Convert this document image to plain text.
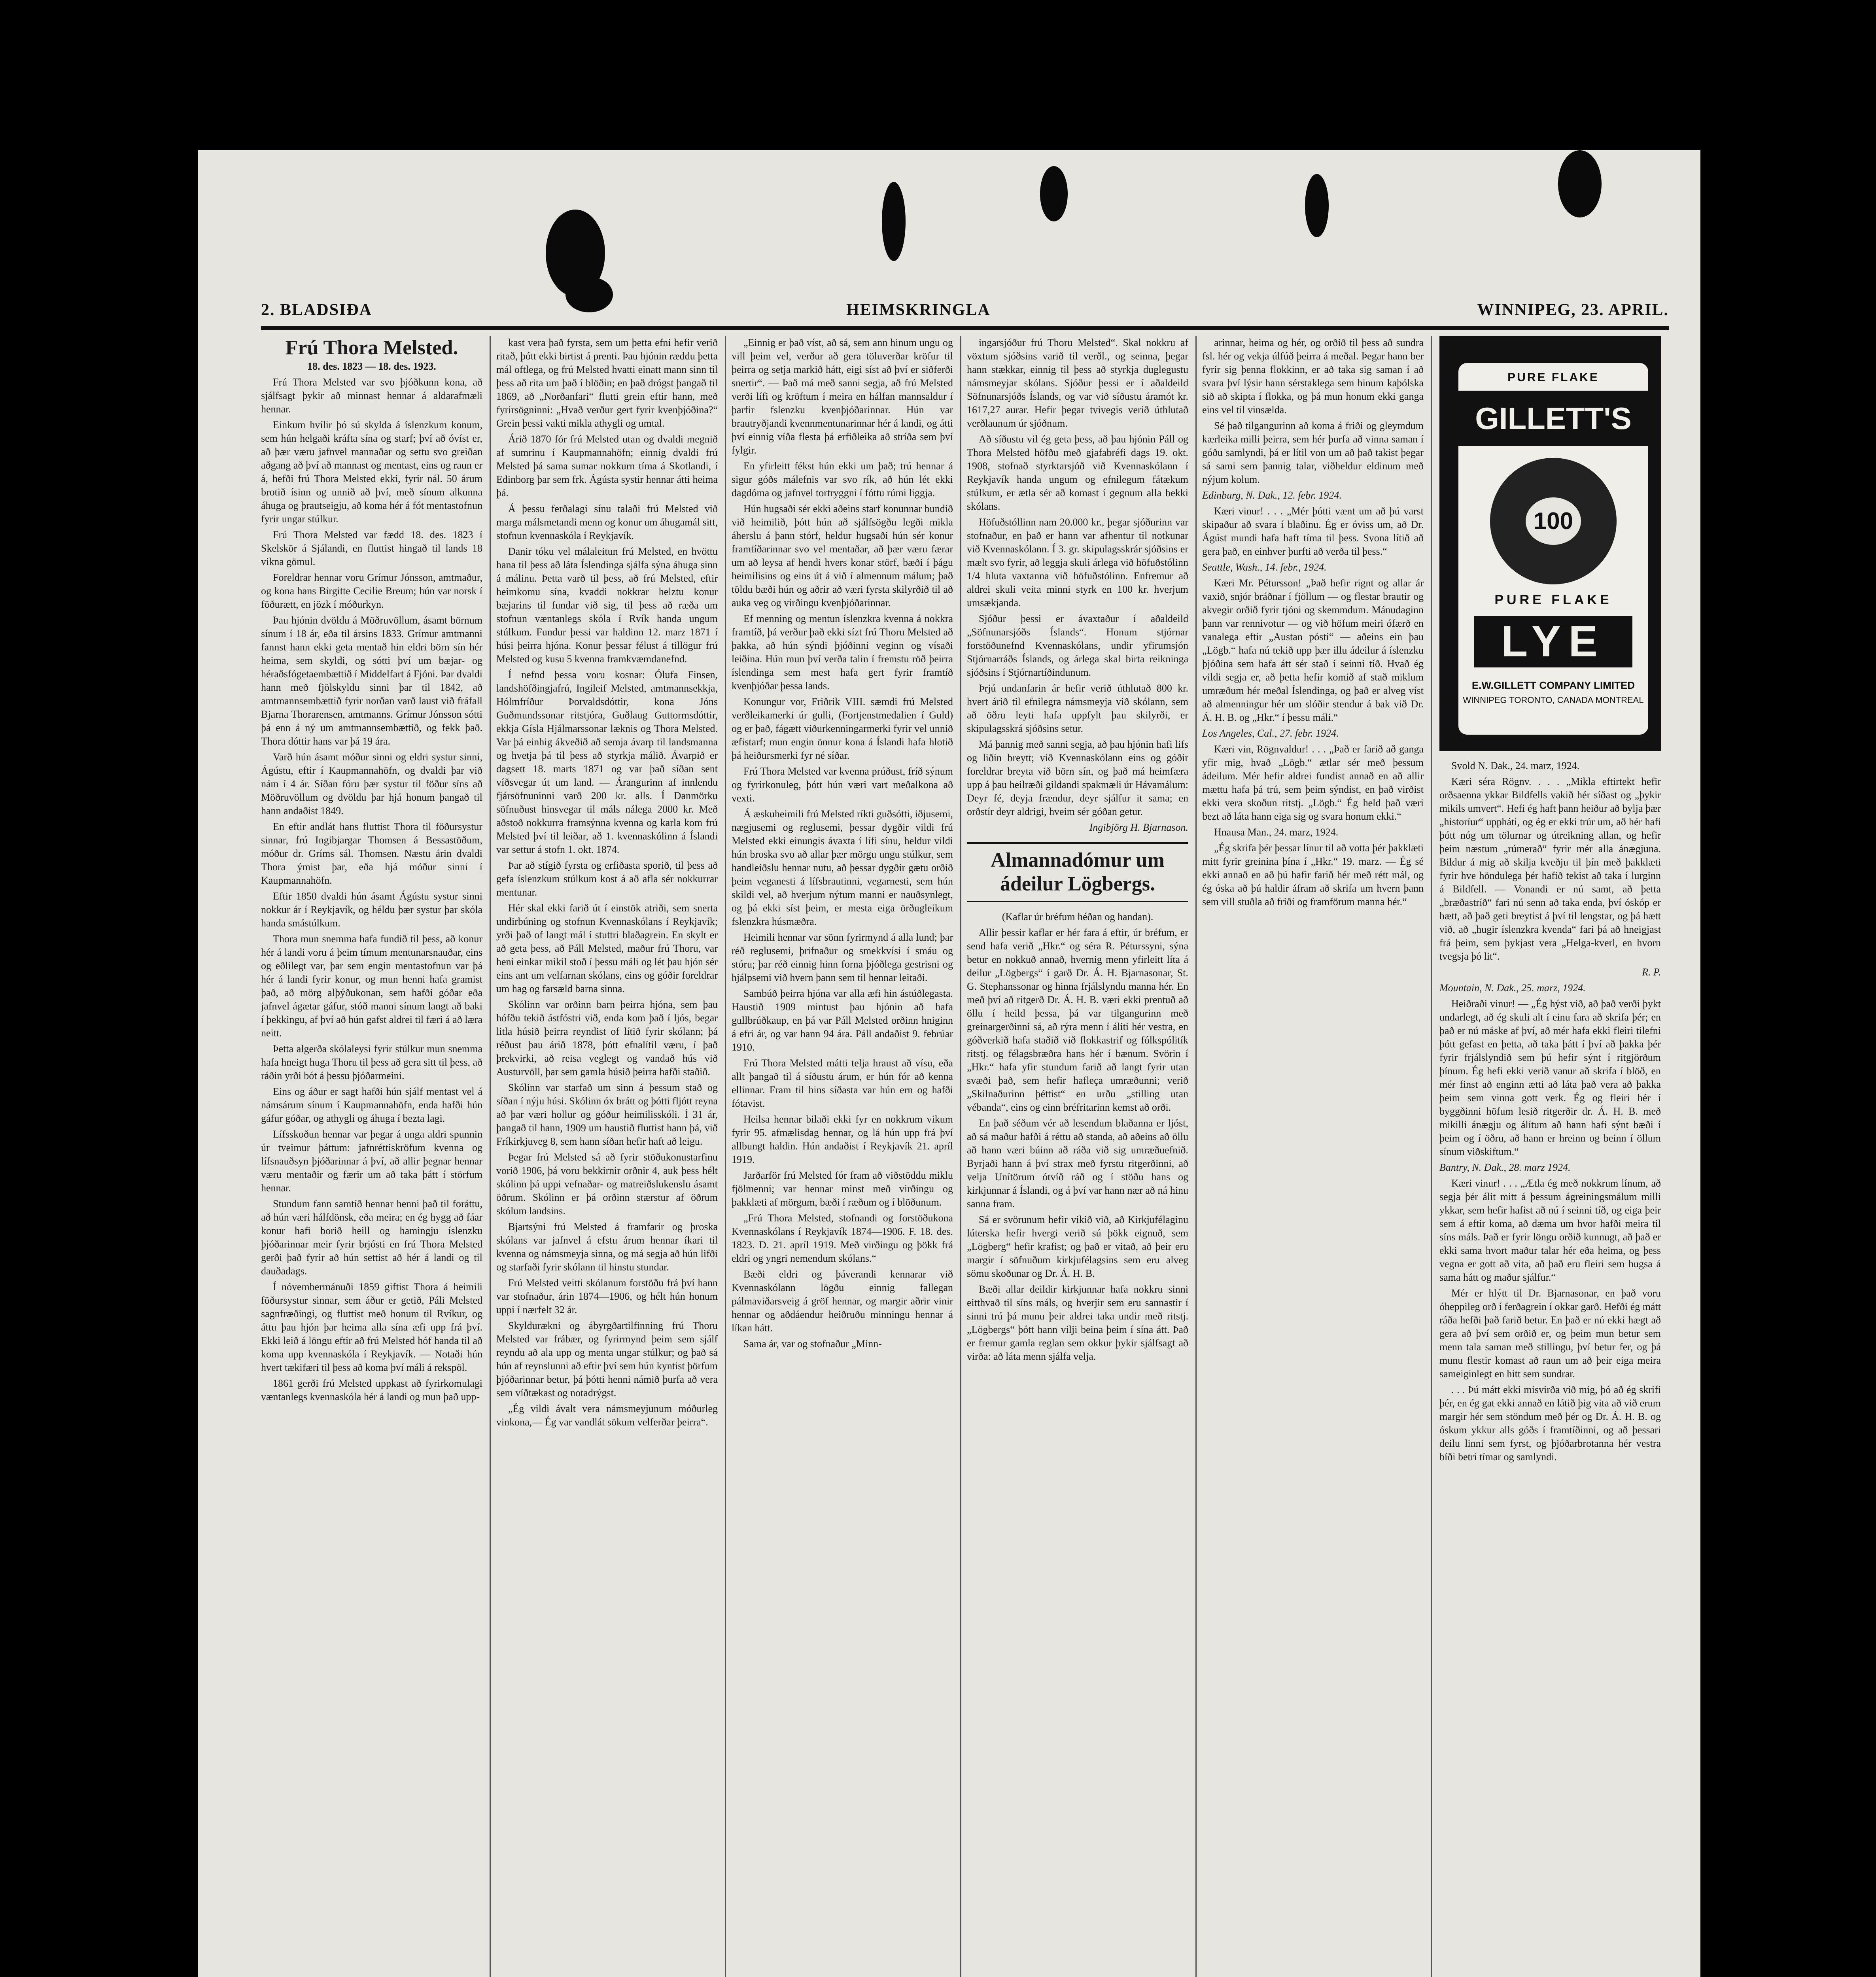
2. BLADSIÐA	HEIMSKRINGLA	WINNIPEG, 23. APRIL.

Frú Thora Melsted.

18. des. 1823 — 18. des. 1923.

Frú Thora Melsted var svo þjóðkunn kona, að sjálfsagt þykir að minnast hennar á aldarafmæli hennar.

Einkum hvílir þó sú skylda á íslenzkum konum, sem hún helgaði kráfta sína og starf; því að óvíst er, að þær væru jafnvel mannaðar og settu svo greiðan aðgang að því að mannast og mentast, eins og raun er á, hefði frú Thora Melsted ekki, fyrir nál. 50 árum brotið ísinn og unnið að því, með sínum alkunna áhuga og þrautseigju, að koma hér á fót mentastofnun fyrir ungar stúlkur.

Frú Thora Melsted var fædd 18. des. 1823 í Skelskör á Sjálandi, en fluttist hingað til lands 18 vikna gömul.

Foreldrar hennar voru Grímur Jónsson, amtmaður, og kona hans Birgitte Cecilie Breum; hún var norsk í föðurætt, en jözk í móðurkyn.

Þau hjónin dvöldu á Möðruvöllum, ásamt börnum sínum í 18 ár, eða til ársins 1833. Grímur amtmanni fannst hann ekki geta mentað hin eldri börn sín hér heima, sem skyldi, og sótti því um bæjar- og héraðsfógetaembættið í Middelfart á Fjóni. Þar dvaldi hann með fjölskyldu sinni þar til 1842, að amtmannsembættið fyrir norðan varð laust við fráfall Bjarna Thorarensen, amtmanns. Grímur Jónsson sótti þá enn á ný um amtmannsembættið, og fekk það. Thora dóttir hans var þá 19 ára.

Varð hún ásamt móður sinni og eldri systur sinni, Ágústu, eftir í Kaupmannahöfn, og dvaldi þar við nám í 4 ár. Síðan fóru þær systur til föður síns að Möðruvöllum og dvöldu þar hjá honum þangað til hann andaðist 1849.

En eftir andlát hans fluttist Thora til föðursystur sinnar, frú Ingibjargar Thomsen á Bessastöðum, móður dr. Gríms sál. Thomsen. Næstu árin dvaldi Thora ýmist þar, eða hjá móður sinni í Kaupmannahöfn.

Eftir 1850 dvaldi hún ásamt Ágústu systur sinni nokkur ár í Reykjavík, og héldu þær systur þar skóla handa smástúlkum.

Thora mun snemma hafa fundið til þess, að konur hér á landi voru á þeim tímum mentunarsnauðar, eins og eðlilegt var, þar sem engin mentastofnun var þá hér á landi fyrir konur, og mun henni hafa gramist það, að mörg alþýðukonan, sem hafði góðar eða jafnvel ágætar gáfur, stóð manni sínum langt að baki í þekkingu, af því að hún gafst aldrei til færi á að læra neitt.

Þetta algerða skólaleysi fyrir stúlkur mun snemma hafa hneigt huga Thoru til þess að gera sitt til þess, að ráðin yrði bót á þessu þjóðarmeini.

Eins og áður er sagt hafði hún sjálf mentast vel á námsárum sínum í Kaupmannahöfn, enda hafði hún gáfur góðar, og athygli og áhuga í bezta lagi.

Lífsskoðun hennar var þegar á unga aldri spunnin úr tveimur þáttum: jafnréttiskröfum kvenna og lífsnauðsyn þjóðarinnar á því, að allir þegnar hennar væru mentaðir og færir um að taka þátt í störfum hennar.

Stundum fann samtíð hennar henni það til foráttu, að hún væri hálfdönsk, eða meira; en ég hygg að fáar konur hafi borið heill og hamingju íslenzku þjóðarinnar meir fyrir brjósti en frú Thora Melsted gerði það fyrir að hún settist að hér á landi og til dauðadags.

Í nóvembermánuði 1859 giftist Thora á heimili föðursystur sinnar, sem áður er getið, Páli Melsted sagnfræðingi, og fluttist með honum til Rvíkur, og áttu þau hjón þar heima alla sína æfi upp frá því. Ekki leið á löngu eftir að frú Melsted hóf handa til að koma upp kvennaskóla í Reykjavík. — Notaði hún hvert tækifæri til þess að koma því máli á rekspöl.

1861 gerði frú Melsted uppkast að fyrirkomulagi væntanlegs kvennaskóla hér á landi og mun það upp-

kast vera það fyrsta, sem um þetta efni hefir verið ritað, þótt ekki birtist á prenti. Þau hjónin ræddu þetta mál oftlega, og frú Melsted hvatti einatt mann sinn til þess að rita um það í blöðin; en það drógst þangað til 1869, að „Norðanfari“ flutti grein eftir hann, með fyrirsögninni: „Hvað verður gert fyrir kvenþjóðina?“ Grein þessi vakti mikla athygli og umtal.

Árið 1870 fór frú Melsted utan og dvaldi megnið af sumrinu í Kaupmannahöfn; einnig dvaldi frú Melsted þá sama sumar nokkurn tíma á Skotlandi, í Edinborg þar sem frk. Ágústa systir hennar átti heima þá.

Á þessu ferðalagi sínu talaði frú Melsted við marga málsmetandi menn og konur um áhugamál sitt, stofnun kvennaskóla í Reykjavík.

Danir tóku vel málaleitun frú Melsted, en hvöttu hana til þess að láta Íslendinga sjálfa sýna áhuga sinn á málinu. Þetta varð til þess, að frú Melsted, eftir heimkomu sína, kvaddi nokkrar helztu konur bæjarins til fundar við sig, til þess að ræða um stofnun væntanlegs skóla í Rvík handa ungum stúlkum. Fundur þessi var haldinn 12. marz 1871 í húsi þeirra hjóna. Konur þessar félust á tillögur frú Melsted og kusu 5 kvenna framkvæmdanefnd.

Í nefnd þessa voru kosnar: Ólufa Finsen, landshöfðingjafrú, Ingileif Melsted, amtmannsekkja, Hólmfríður Þorvaldsdóttir, kona Jóns Guðmundssonar ritstjóra, Guðlaug Guttormsdóttir, ekkja Gísla Hjálmarssonar læknis og Thora Melsted. Var þá einhig ákveðið að semja ávarp til landsmanna og hvetja þá til þess að styrkja málið. Ávarpið er dagsett 18. marts 1871 og var það síðan sent víðsvegar út um land. — Árangurinn af innlendu fjársöfnuninni varð 200 kr. alls. Í Danmörku söfnuðust hinsvegar til máls nálega 2000 kr. Með aðstoð nokkurra framsýnna kvenna og karla kom frú Melsted því til leiðar, að 1. kvennaskólinn á Íslandi var settur á stofn 1. okt. 1874.

Þar að stígið fyrsta og erfiðasta sporið, til þess að gefa íslenzkum stúlkum kost á að afla sér nokkurrar mentunar.

Hér skal ekki farið út í einstök atriði, sem snerta undirbúning og stofnun Kvennaskólans í Reykjavík; yrði það of langt mál í stuttri blaðagrein. En skylt er að geta þess, að Páll Melsted, maður frú Thoru, var heni einkar mikil stoð í þessu máli og lét þau hjón sér eins ant um velfarnan skólans, eins og góðir foreldrar um hag og farsæld barna sinna.

Skólinn var orðinn barn þeirra hjóna, sem þau hófðu tekið ástfóstri við, enda kom það í ljós, begar litla húsið þeirra reyndist of lítið fyrir skólann; þá réðust þau árið 1878, þótt efnalítil væru, í það þrekvirki, að reisa veglegt og vandað hús við Austurvöll, þar sem gamla húsið þeirra hafði staðið.

Skólinn var starfað um sinn á þessum stað og síðan í nýju húsi. Skólinn óx brátt og þótti fljótt reyna að þar væri hollur og góður heimilisskóli. Í 31 ár, þangað til hann, 1909 um haustið fluttist hann þá, við Fríkirkjuveg 8, sem hann síðan hefir haft að leigu.

Þegar frú Melsted sá að fyrir stöðukonustarfinu vorið 1906, þá voru bekkirnir orðnir 4, auk þess hélt skólinn þá uppi vefnaðar- og matreiðslukenslu ásamt öðrum. Skólinn er þá orðinn stærstur af öðrum skólum landsins.

Bjartsýni frú Melsted á framfarir og þroska skólans var jafnvel á efstu árum hennar íkari til kvenna og námsmeyja sinna, og má segja að hún lifði og starfaði fyrir skólann til hinstu stundar.

Frú Melsted veitti skólanum forstöðu frá því hann var stofnaður, árin 1874—1906, og hélt hún honum uppi í nærfelt 32 ár.

Skyldurækni og ábyrgðartilfinning frú Thoru Melsted var frábær, og fyrirmynd þeim sem sjálf reyndu að ala upp og menta ungar stúlkur; og það sá hún af reynslunni að eftir því sem hún kyntist þörfum þjóðarinnar betur, þá þótti henni námið þurfa að vera sem víðtækast og notadrýgst.

„Ég vildi ávalt vera námsmeyjunum móðurleg vinkona,— Ég var vandlát sökum velferðar þeirra“.

„Einnig er það víst, að sá, sem ann hinum ungu og vill þeim vel, verður að gera töluverðar kröfur til þeirra og setja markið hátt, eigi síst að því er siðferði snertir“. — Það má með sanni segja, að frú Melsted verði lífi og kröftum í meira en hálfan mannsaldur í þarfir fslenzku kvenþjóðarinnar. Hún var brautryðjandi kvennmentunarinnar hér á landi, og átti því einnig víða flesta þá erfiðleika að stríða sem því fylgir.

En yfirleitt fékst hún ekki um það; trú hennar á sigur góðs málefnis var svo rík, að hún lét ekki dagdóma og jafnvel tortryggni í fóttu rúmi liggja.

Hún hugsaði sér ekki aðeins starf konunnar bundið við heimilið, þótt hún að sjálfsögðu legði mikla áherslu á þann stórf, heldur hugsaði hún sér konur framtíðarinnar svo vel mentaðar, að þær væru færar um að leysa af hendi hvers konar störf, bæði í þágu heimilisins og eins út á við í almennum málum; það töldu bæði hún og aðrir að væri fyrsta skilyrðið til að auka veg og virðingu kvenþjóðarinnar.

Ef menning og mentun íslenzkra kvenna á nokkra framtíð, þá verður það ekki sízt frú Thoru Melsted að þakka, að hún sýndi þjóðinni veginn og vísaði leiðina. Hún mun því verða talin í fremstu röð þeirra íslendinga sem mest hafa gert fyrir framtíð kvenþjóðar þessa lands.

Konungur vor, Friðrik VIII. sæmdi frú Melsted verðleikamerki úr gulli, (Fortjenstmedalien í Guld) og er það, fágætt viðurkenningarmerki fyrir vel unnið æfistarf; mun engin önnur kona á Íslandi hafa hlotið þá heiðursmerki fyr né síðar.

Frú Thora Melsted var kvenna prúðust, fríð sýnum og fyrirkonuleg, þótt hún væri vart meðalkona að vexti.

Á æskuheimili frú Melsted ríkti guðsótti, iðjusemi, nægjusemi og reglusemi, þessar dygðir vildi frú Melsted ekki einungis ávaxta í lífi sínu, heldur vildi hún broska svo að allar þær mörgu ungu stúlkur, sem handleiðslu hennar nutu, að þessar dygðir gætu orðið þeim veganesti á lífsbrautinni, vegarnesti, sem hún skildi vel, að hverjum nýtum manni er nauðsynlegt, og þá ekki síst þeim, er mesta eiga örðugleikum fslenzkra húsmæðra.

Heimili hennar var sönn fyrirmynd á alla lund; þar réð reglusemi, þrifnaður og smekkvísi í smáu og stóru; þar réð einnig hinn forna þjóðlega gestrisni og hjálpsemi við hvern þann sem til hennar leitaði.

Sambúð þeirra hjóna var alla æfi hin ástúðlegasta. Haustið 1909 mintust þau hjónin að hafa gullbrúðkaup, en þá var Páll Melsted orðinn hniginn á efri ár, og var hann 94 ára. Páll andaðist 9. febrúar 1910.

Frú Thora Melsted mátti telja hraust að vísu, eða allt þangað til á síðustu árum, er hún fór að kenna ellinnar. Fram til hins síðasta var hún ern og hafði fótavist.

Heilsa hennar bilaði ekki fyr en nokkrum vikum fyrir 95. afmælisdag hennar, og lá hún upp frá því allbungt haldin. Hún andaðist í Reykjavík 21. apríl 1919.

Jarðarför frú Melsted fór fram að viðstöddu miklu fjölmenni; var hennar minst með virðingu og þakklæti af mörgum, bæði í ræðum og í blöðunum.

„Frú Thora Melsted, stofnandi og forstöðukona Kvennaskólans í Reykjavík 1874—1906. F. 18. des. 1823. D. 21. apríl 1919. Með virðingu og þökk frá eldri og yngri nemendum skólans.“

Bæði eldri og þáverandi kennarar við Kvennaskólann lögðu einnig fallegan pálmaviðarsveig á gröf hennar, og margir aðrir vinir hennar og aðdáendur heiðruðu minningu hennar á líkan hátt.

Sama ár, var og stofnaður „Minn-

ingarsjóður frú Thoru Melsted“. Skal nokkru af vöxtum sjóðsins varið til verðl., og seinna, þegar hann stækkar, einnig til þess að styrkja duglegustu námsmeyjar skólans. Sjóður þessi er í aðaldeild Söfnunarsjóðs Íslands, og var við síðustu áramót kr. 1617,27 aurar. Hefir þegar tvivegis verið úthlutað verðlaunum úr sjóðnum.

Að síðustu vil ég geta þess, að þau hjónin Páll og Thora Melsted höfðu með gjafabréfi dags 19. okt. 1908, stofnað styrktarsjóð við Kvennaskólann í Reykjavík handa ungum og efnilegum fátækum stúlkum, er ætla sér að komast í gegnum alla bekki skólans.

Höfuðstóllinn nam 20.000 kr., þegar sjóðurinn var stofnaður, en það er hann var afhentur til notkunar við Kvennaskólann. Í 3. gr. skipulagsskrár sjóðsins er mælt svo fyrir, að leggja skuli árlega við höfuðstólinn 1/4 hluta vaxtanna við höfuðstólinn. Enfremur að aldrei skuli veita minni styrk en 100 kr. hverjum umsækjanda.

Sjóður þessi er ávaxtaður í aðaldeild „Söfnunarsjóðs Íslands“. Honum stjórnar forstöðunefnd Kvennaskólans, undir yfirumsjón Stjórnarráðs Íslands, og árlega skal birta reikninga sjóðsins í Stjórnartíðindunum.

Þrjú undanfarin ár hefir verið úthlutað 800 kr. hvert árið til efnilegra námsmeyja við skólann, sem að öðru leyti hafa uppfylt þau skilyrði, er skipulagsskrá sjóðsins setur.

Má þannig með sanni segja, að þau hjónin hafi lifs og liðin breytt; við Kvennaskólann eins og góðir foreldrar breyta við börn sín, og það má heimfæra upp á þau heilræði gildandi spakmæli úr Hávamálum: Deyr fé, deyja frændur, deyr sjálfur it sama; en orðstír deyr aldrigi, hveim sér góðan getur.

Ingibjörg H. Bjarnason.

Almannadómur um ádeilur Lögbergs.

(Kaflar úr bréfum héðan og handan).

Allir þessir kaflar er hér fara á eftir, úr bréfum, er send hafa verið „Hkr.“ og séra R. Péturssyni, sýna betur en nokkuð annað, hvernig menn yfirleitt líta á deilur „Lögbergs“ í garð Dr. Á. H. Bjarnasonar, St. G. Stephanssonar og hinna frjálslyndu manna hér. En með því að ritgerð Dr. Á. H. B. væri ekki prentuð að öllu í heild þessa, þá var tilgangurinn með greinargerðinni sá, að rýra menn í áliti hér vestra, en góðverkið hafa staðið við flokkastrif og fólkspólitík ritstj. og félagsbræðra hans hér í bænum. Svörin í „Hkr.“ hafa yfir stundum farið að langt fyrir utan svæði það, sem hefir hafleça umræðunni; verið „Skilnaðurinn þéttist“ en urðu „stilling utan vébanda“, eins og einn bréfritarinn kemst að orði.

En það séðum vér að lesendum blaðanna er ljóst, að sá maður hafði á réttu að standa, að aðeins að öllu að hann væri búinn að ráða við sig umræðuefnið. Byrjaði hann á því strax með fyrstu ritgerðinni, að velja Unítörum ótvíð ráð og í stöðu hans og kirkjunnar á Íslandi, og á því var hann nær að ná hinu sanna fram.

Sá er svörunum hefir vikið við, að Kirkjufélaginu lúterska hefir hvergi verið sú þökk eignuð, sem „Lögberg“ hefir krafist; og það er vitað, að þeir eru margir í söfnuðum kirkjufélagsins sem eru alveg sömu skoðunar og Dr. Á. H. B.

Bæði allar deildir kirkjunnar hafa nokkru sinni eitthvað til síns máls, og hverjir sem eru sannastir í sinni trú þá munu þeir aldrei taka undir með ritstj. „Lögbergs“ þótt hann vilji beina þeim í sína átt. Það er fremur gamla reglan sem okkur þykir sjálfsagt að virða: að láta menn sjálfa velja.

arinnar, heima og hér, og orðið til þess að sundra fsl. hér og vekja úlfúð þeirra á meðal. Þegar hann ber fyrir sig þenna flokkinn, er að taka sig saman í að svara því lýsir hann sérstaklega sem hinum kaþólska sið að skipta í flokka, og þá mun honum ekki ganga eins vel til vinsælda.

Sé það tilgangurinn að koma á friði og gleymdum kærleika milli þeirra, sem hér þurfa að vinna saman í góðu samlyndi, þá er lítil von um að það takist þegar sá sami sem þannig talar, viðheldur eldinum með nýjum kolum.

Edinburg, N. Dak., 12. febr. 1924.

Kæri vinur! . . . „Mér þótti vænt um að þú varst skipaður að svara í blaðinu. Ég er óviss um, að Dr. Ágúst mundi hafa haft tíma til þess. Svona lítið að gera það, en einhver þurfti að verða til þess.“

Seattle, Wash., 14. febr., 1924.

Kæri Mr. Pétursson! „Það hefir rignt og allar ár vaxið, snjór bráðnar í fjöllum — og flestar brautir og akvegir orðið fyrir tjóni og skemmdum. Mánudaginn þann var rennivotur — og við höfum meiri ófærð en vanalega eftir „Austan pósti“ — aðeins ein þau „Lögb.“ hafa nú tekið upp þær illu ádeilur á íslenzku þjóðina sem hafa átt sér stað í seinni tíð. Hvað ég vildi segja er, að þetta hefir komið af stað miklum umræðum hér meðal Íslendinga, og það er alveg víst að almenningur hér um slóðir stendur á bak við Dr. Á. H. B. og „Hkr.“ í þessu máli.“

Los Angeles, Cal., 27. febr. 1924.

Kæri vin, Rögnvaldur! . . . „Það er farið að ganga yfir mig, hvað „Lögb.“ ætlar sér með þessum ádeilum. Mér hefir aldrei fundist annað en að allir mættu hafa þá trú, sem þeim sýndist, en það virðist ekki vera skoðun ritstj. „Lögb.“ Ég held það væri bezt að láta hann eiga sig og svara honum ekki.“

Hnausa Man., 24. marz, 1924.

„Ég skrifa þér þessar línur til að votta þér þakklæti mitt fyrir greinina þína í „Hkr.“ 19. marz. — Ég sé ekki annað en að þú hafir farið hér með rétt mál, og ég óska að þú haldir áfram að skrifa um hvern þann sem vill stuðla að friði og framförum manna hér.“

PURE FLAKE
GILLETT'S
100
PURE FLAKE
LYE
E.W.GILLETT COMPANY LIMITED
WINNIPEG TORONTO, CANADA MONTREAL

Svold N. Dak., 24. marz, 1924.

Kæri séra Rögnv. . . . „Mikla eftirtekt hefir orðsaenna ykkar Bildfells vakið hér síðast og „þykir mikils umvert“. Hefi ég haft þann heiður að bylja þær „historíur“ uppháti, og ég er ekki trúr um, að hér hafi þótt nóg um tölurnar og útreikning allan, og hefir þeim næstum „rúmerað“ fyrir mér alla ánægjuna. Bildur á mig að skilja kveðju til þín með þakklæti fyrir hve höndulega þér hafið tekist að taka í lurginn á Bildfell. — Vonandi er nú samt, að þetta „bræðastríð“ fari nú senn að taka enda, því óskóp er hætt, að það geti breytist á því til lengstar, og þá hætt við, að „hugir íslenzkra kvenda“ fari þá að hneigjast frá þeim, sem þykjast vera „Helga-kverl, en hvorn tvegsja þó lit“.

R. P.

Mountain, N. Dak., 25. marz, 1924.

Heiðraði vinur! — „Ég hýst við, að það verði þykt undarlegt, að ég skuli alt í einu fara að skrifa þér; en það er nú máske af því, að mér hafa ekki fleiri tilefni þótt gefast en þetta, að taka þátt í því að þakka þér fyrir frjálslyndið sem þú hefir sýnt í ritgjörðum þínum. Ég hefi ekki verið vanur að skrifa í blöð, en mér finst að enginn ætti að láta það vera að þakka þeim sem vinna gott verk. Ég og fleiri hér í byggðinni höfum lesið ritgerðir dr. Á. H. B. með mikilli ánægju og álítum að hann hafi sýnt bæði í þeim og í öðru, að hann er hreinn og beinn í öllum sínum viðskiftum.“

Bantry, N. Dak., 28. marz 1924.

Kæri vinur! . . . „Ætla ég með nokkrum línum, að segja þér álit mitt á þessum ágreiningsmálum milli ykkar, sem hefir hafist að nú í seinni tíð, og eiga þeir sem á eftir koma, að dæma um hvor hafði meira til síns máls. Það er fyrir löngu orðið kunnugt, að það er ekki sama hvort maður talar hér eða heima, og þess vegna er gott að vita, að það eru fleiri sem hugsa á sama hátt og maður sjálfur.“

Mér er hlýtt til Dr. Bjarnasonar, en það voru óheppileg orð í ferðagrein í okkar garð. Hefði ég mátt ráða hefði það farið betur. En það er nú ekki hægt að gera að því sem orðið er, og þeim mun betur sem menn tala saman með stillingu, því betur fer, og þá munu flestir komast að raun um að þeir eiga meira sameiginlegt en hitt sem sundrar.

. . . Þú mátt ekki misvirða við mig, þó að ég skrifi þér, en ég gat ekki annað en látið þig vita að við erum margir hér sem stöndum með þér og Dr. Á. H. B. og óskum ykkur alls góðs í framtíðinni, og að þessari deilu linni sem fyrst, og þjóðarbrotanna hér vestra bíði betri tímar og samlyndi.
